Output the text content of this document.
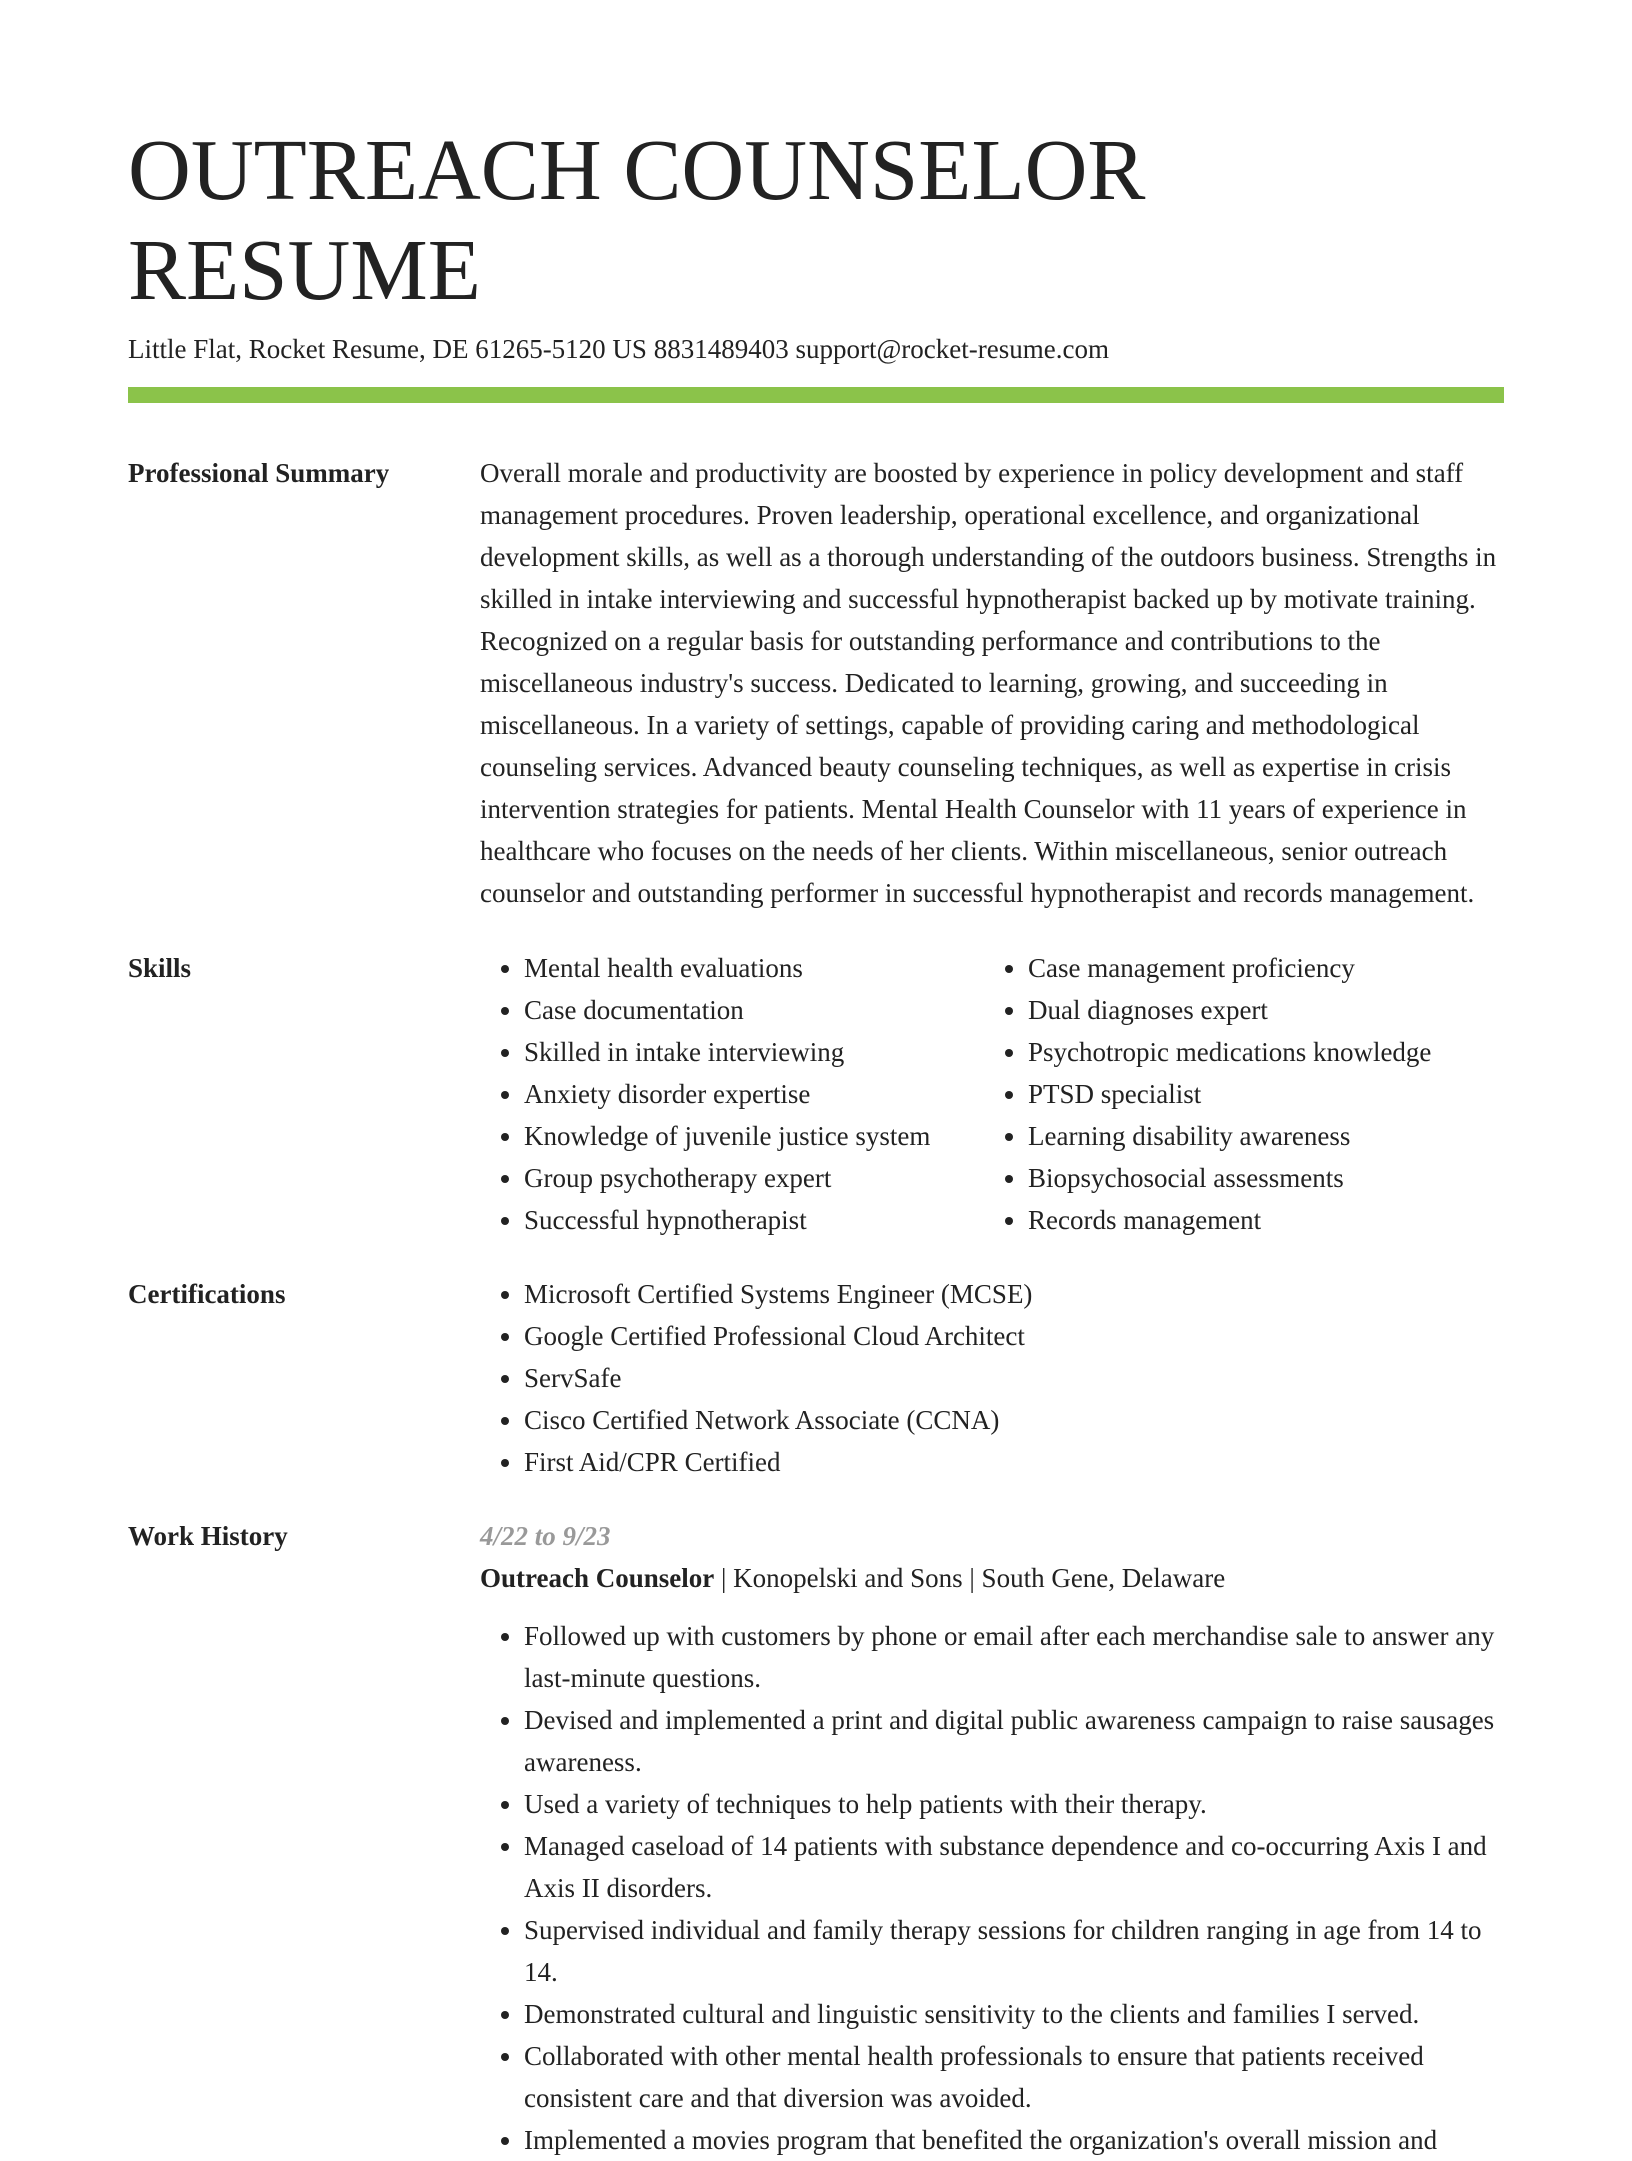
OUTREACH COUNSELOR RESUME
Little Flat, Rocket Resume, DE 61265-5120 US 8831489403 support@rocket-resume.com
Professional Summary	Overall morale and productivity are boosted by experience in policy development and staff management procedures. Proven leadership, operational excellence, and organizational development skills, as well as a thorough understanding of the outdoors business. Strengths in skilled in intake interviewing and successful hypnotherapist backed up by motivate training. Recognized on a regular basis for outstanding performance and contributions to the miscellaneous industry's success. Dedicated to learning, growing, and succeeding in miscellaneous. In a variety of settings, capable of providing caring and methodological counseling services. Advanced beauty counseling techniques, as well as expertise in crisis intervention strategies for patients. Mental Health Counselor with 11 years of experience in healthcare who focuses on the needs of her clients. Within miscellaneous, senior outreach counselor and outstanding performer in successful hypnotherapist and records management.

Skills	• Mental health evaluations
• Case documentation
• Skilled in intake interviewing
• Anxiety disorder expertise
• Knowledge of juvenile justice system
• Group psychotherapy expert
• Successful hypnotherapist
• Case management proficiency
• Dual diagnoses expert
• Psychotropic medications knowledge
• PTSD specialist
• Learning disability awareness
• Biopsychosocial assessments
• Records management
Certifications	• Microsoft Certified Systems Engineer (MCSE)
• Google Certified Professional Cloud Architect
• ServSafe
• Cisco Certified Network Associate (CCNA)
• First Aid/CPR Certified
Work History	4/22 to 9/23
Outreach Counselor | Konopelski and Sons | South Gene, Delaware
• Followed up with customers by phone or email after each merchandise sale to answer any last-minute questions.
• Devised and implemented a print and digital public awareness campaign to raise sausages awareness.
• Used a variety of techniques to help patients with their therapy.
• Managed caseload of 14 patients with substance dependence and co-occurring Axis I and Axis II disorders.
• Supervised individual and family therapy sessions for children ranging in age from 14 to 14.
• Demonstrated cultural and linguistic sensitivity to the clients and families I served.
• Collaborated with other mental health professionals to ensure that patients received consistent care and that diversion was avoided.
• Implemented a movies program that benefited the organization's overall mission and
